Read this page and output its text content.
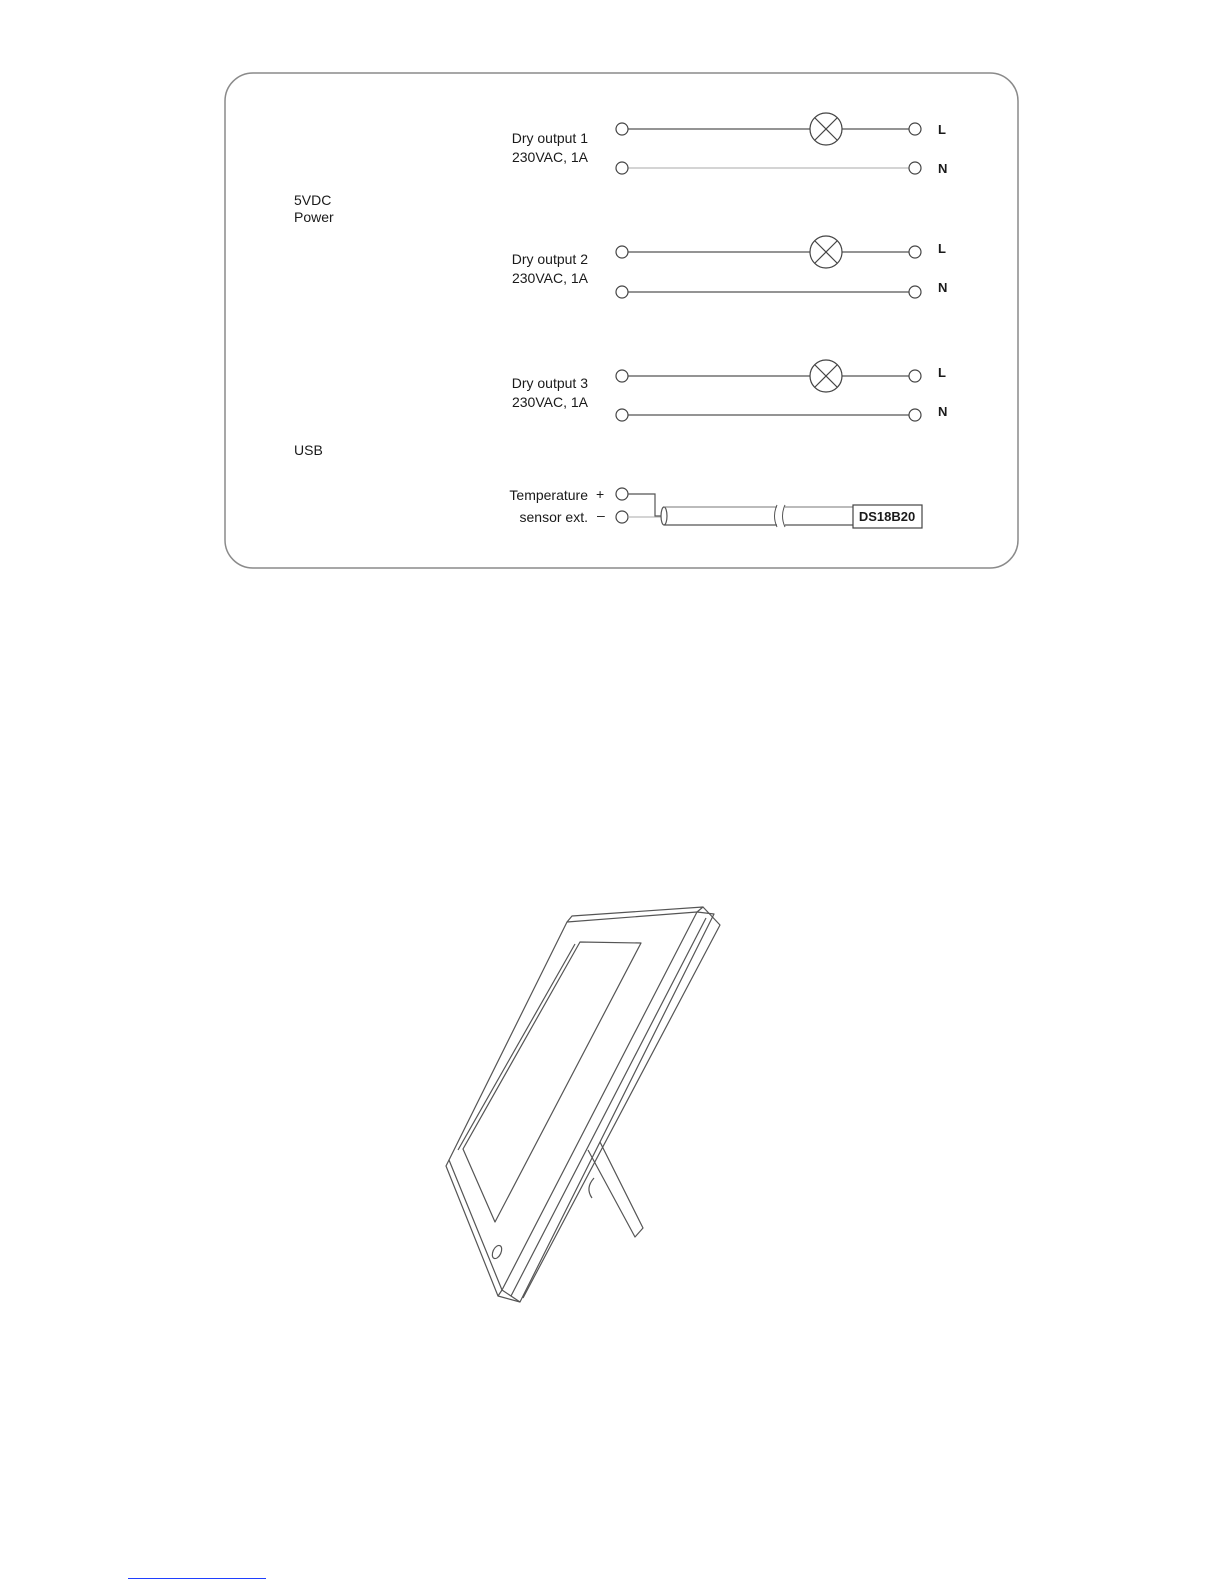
5VDC
Power
USB
Dry output 1
230VAC, 1A
L
N
Dry output 2
230VAC, 1A
L
N
Dry output 3
230VAC, 1A
L
N
Temperature
sensor ext.
+
–	DS18B20
